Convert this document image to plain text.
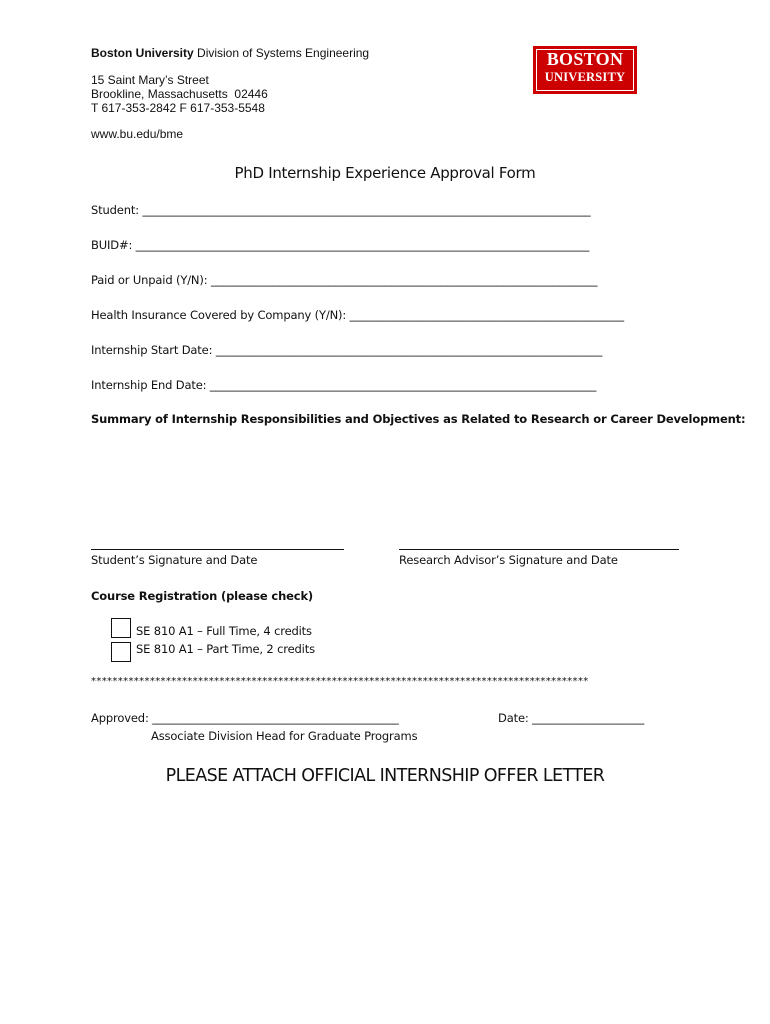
Boston University Division of Systems Engineering
15 Saint Mary’s Street
Brookline, Massachusetts  02446
T 617-353-2842 F 617-353-5548
www.bu.edu/bme
BOSTON
UNIVERSITY
PhD Internship Experience Approval Form
Student: ________________________________________________________________________________
BUID#: _________________________________________________________________________________
Paid or Unpaid (Y/N): _____________________________________________________________________
Health Insurance Covered by Company (Y/N): _________________________________________________
Internship Start Date: _____________________________________________________________________
Internship End Date: _____________________________________________________________________
Summary of Internship Responsibilities and Objectives as Related to Research or Career Development:
Student’s Signature and Date	Research Advisor’s Signature and Date
Course Registration (please check)
SE 810 A1 – Full Time, 4 credits
SE 810 A1 – Part Time, 2 credits
*********************************************************************************************
Approved: ____________________________________________	Date: ____________________
Associate Division Head for Graduate Programs
PLEASE ATTACH OFFICIAL INTERNSHIP OFFER LETTER
